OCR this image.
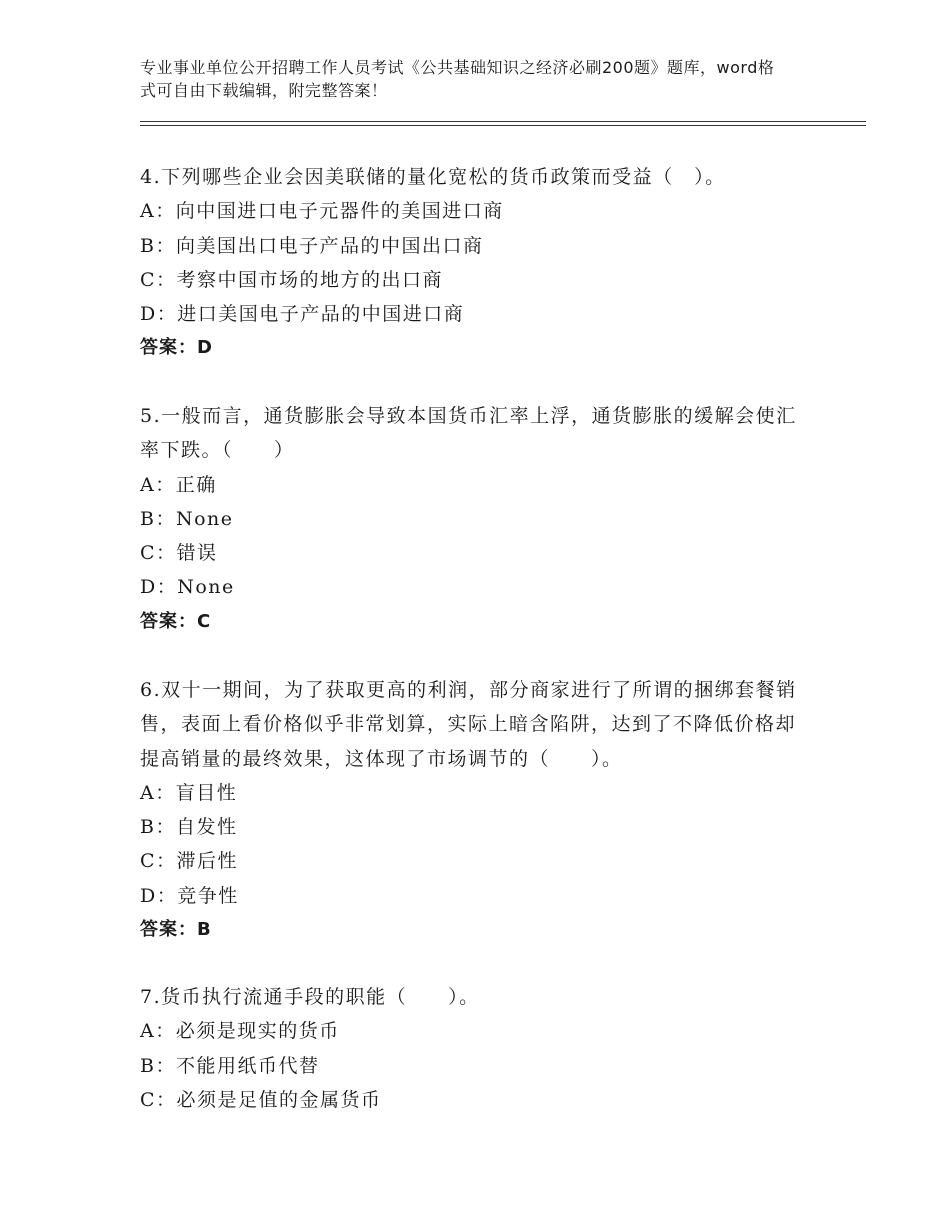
专业事业单位公开招聘工作人员考试《公共基础知识之经济必刷200题》题库，word格式可自由下载编辑，附完整答案！

4.下列哪些企业会因美联储的量化宽松的货币政策而受益（　）。

A：向中国进口电子元器件的美国进口商

B：向美国出口电子产品的中国出口商

C：考察中国市场的地方的出口商

D：进口美国电子产品的中国进口商

答案：D

5.一般而言，通货膨胀会导致本国货币汇率上浮，通货膨胀的缓解会使汇率下跌。（　　）

A：正确

B：None

C：错误

D：None

答案：C

6.双十一期间，为了获取更高的利润，部分商家进行了所谓的捆绑套餐销售，表面上看价格似乎非常划算，实际上暗含陷阱，达到了不降低价格却提高销量的最终效果，这体现了市场调节的（　　）。

A：盲目性

B：自发性

C：滞后性

D：竞争性

答案：B

7.货币执行流通手段的职能（　　）。

A：必须是现实的货币

B：不能用纸币代替

C：必须是足值的金属货币
